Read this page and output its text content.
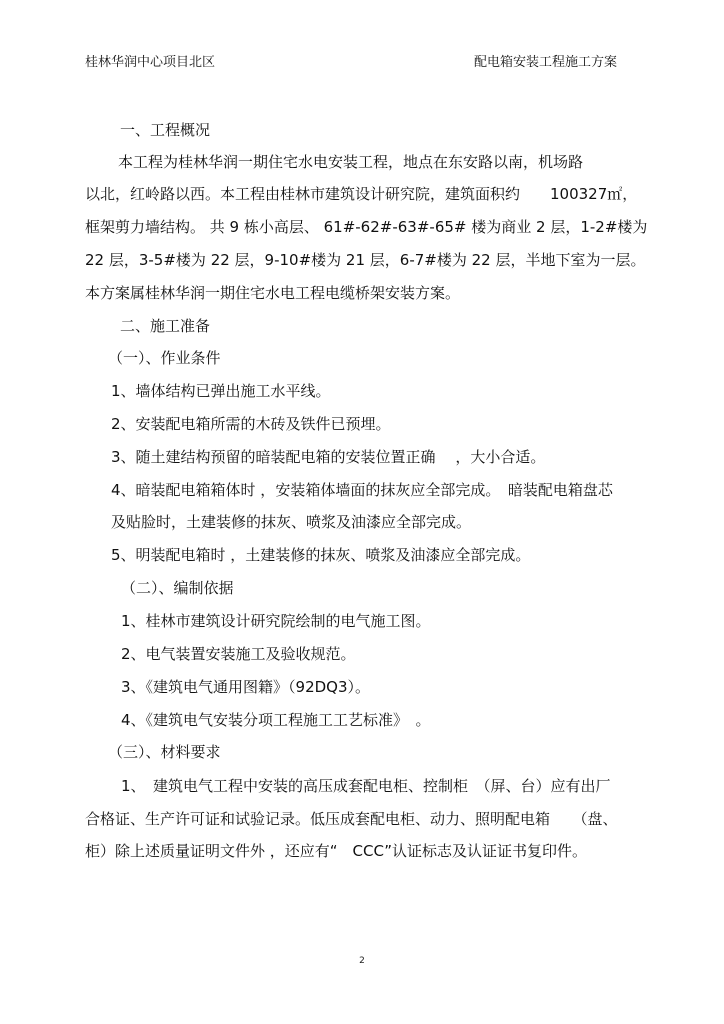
桂林华润中心项目北区	配电箱安装工程施工方案
一、工程概况
本工程为桂林华润一期住宅水电安装工程，地点在东安路以南，机场路
以北，红岭路以西。本工程由桂林市建筑设计研究院，建筑面积约　　100327㎡，
框架剪力墙结构。 共 9 栋小高层、 61#-62#-63#-65# 楼为商业 2 层，1-2#楼为
22 层，3-5#楼为 22 层，9-10#楼为 21 层，6-7#楼为 22 层，半地下室为一层。
本方案属桂林华润一期住宅水电工程电缆桥架安装方案。
二、施工准备
（一）、作业条件
1、墙体结构已弹出施工水平线。
2、安装配电箱所需的木砖及铁件已预埋。
3、随土建结构预留的暗装配电箱的安装位置正确　 ，大小合适。
4、暗装配电箱箱体时 ，安装箱体墙面的抹灰应全部完成。　暗装配电箱盘芯
及贴脸时，土建装修的抹灰、喷浆及油漆应全部完成。
5、明装配电箱时 ，土建装修的抹灰、喷浆及油漆应全部完成。
（二）、编制依据
1、桂林市建筑设计研究院绘制的电气施工图。
2、电气装置安装施工及验收规范。
3、《建筑电气通用图籍》（92DQ3）。
4、《建筑电气安装分项工程施工工艺标准》　。
（三）、材料要求
1、　建筑电气工程中安装的高压成套配电柜、控制柜　（屏、台）应有出厂
合格证、生产许可证和试验记录。低压成套配电柜、动力、照明配电箱　　（盘、
柜）除上述质量证明文件外 ，还应有“　CCC”认证标志及认证证书复印件。
2
